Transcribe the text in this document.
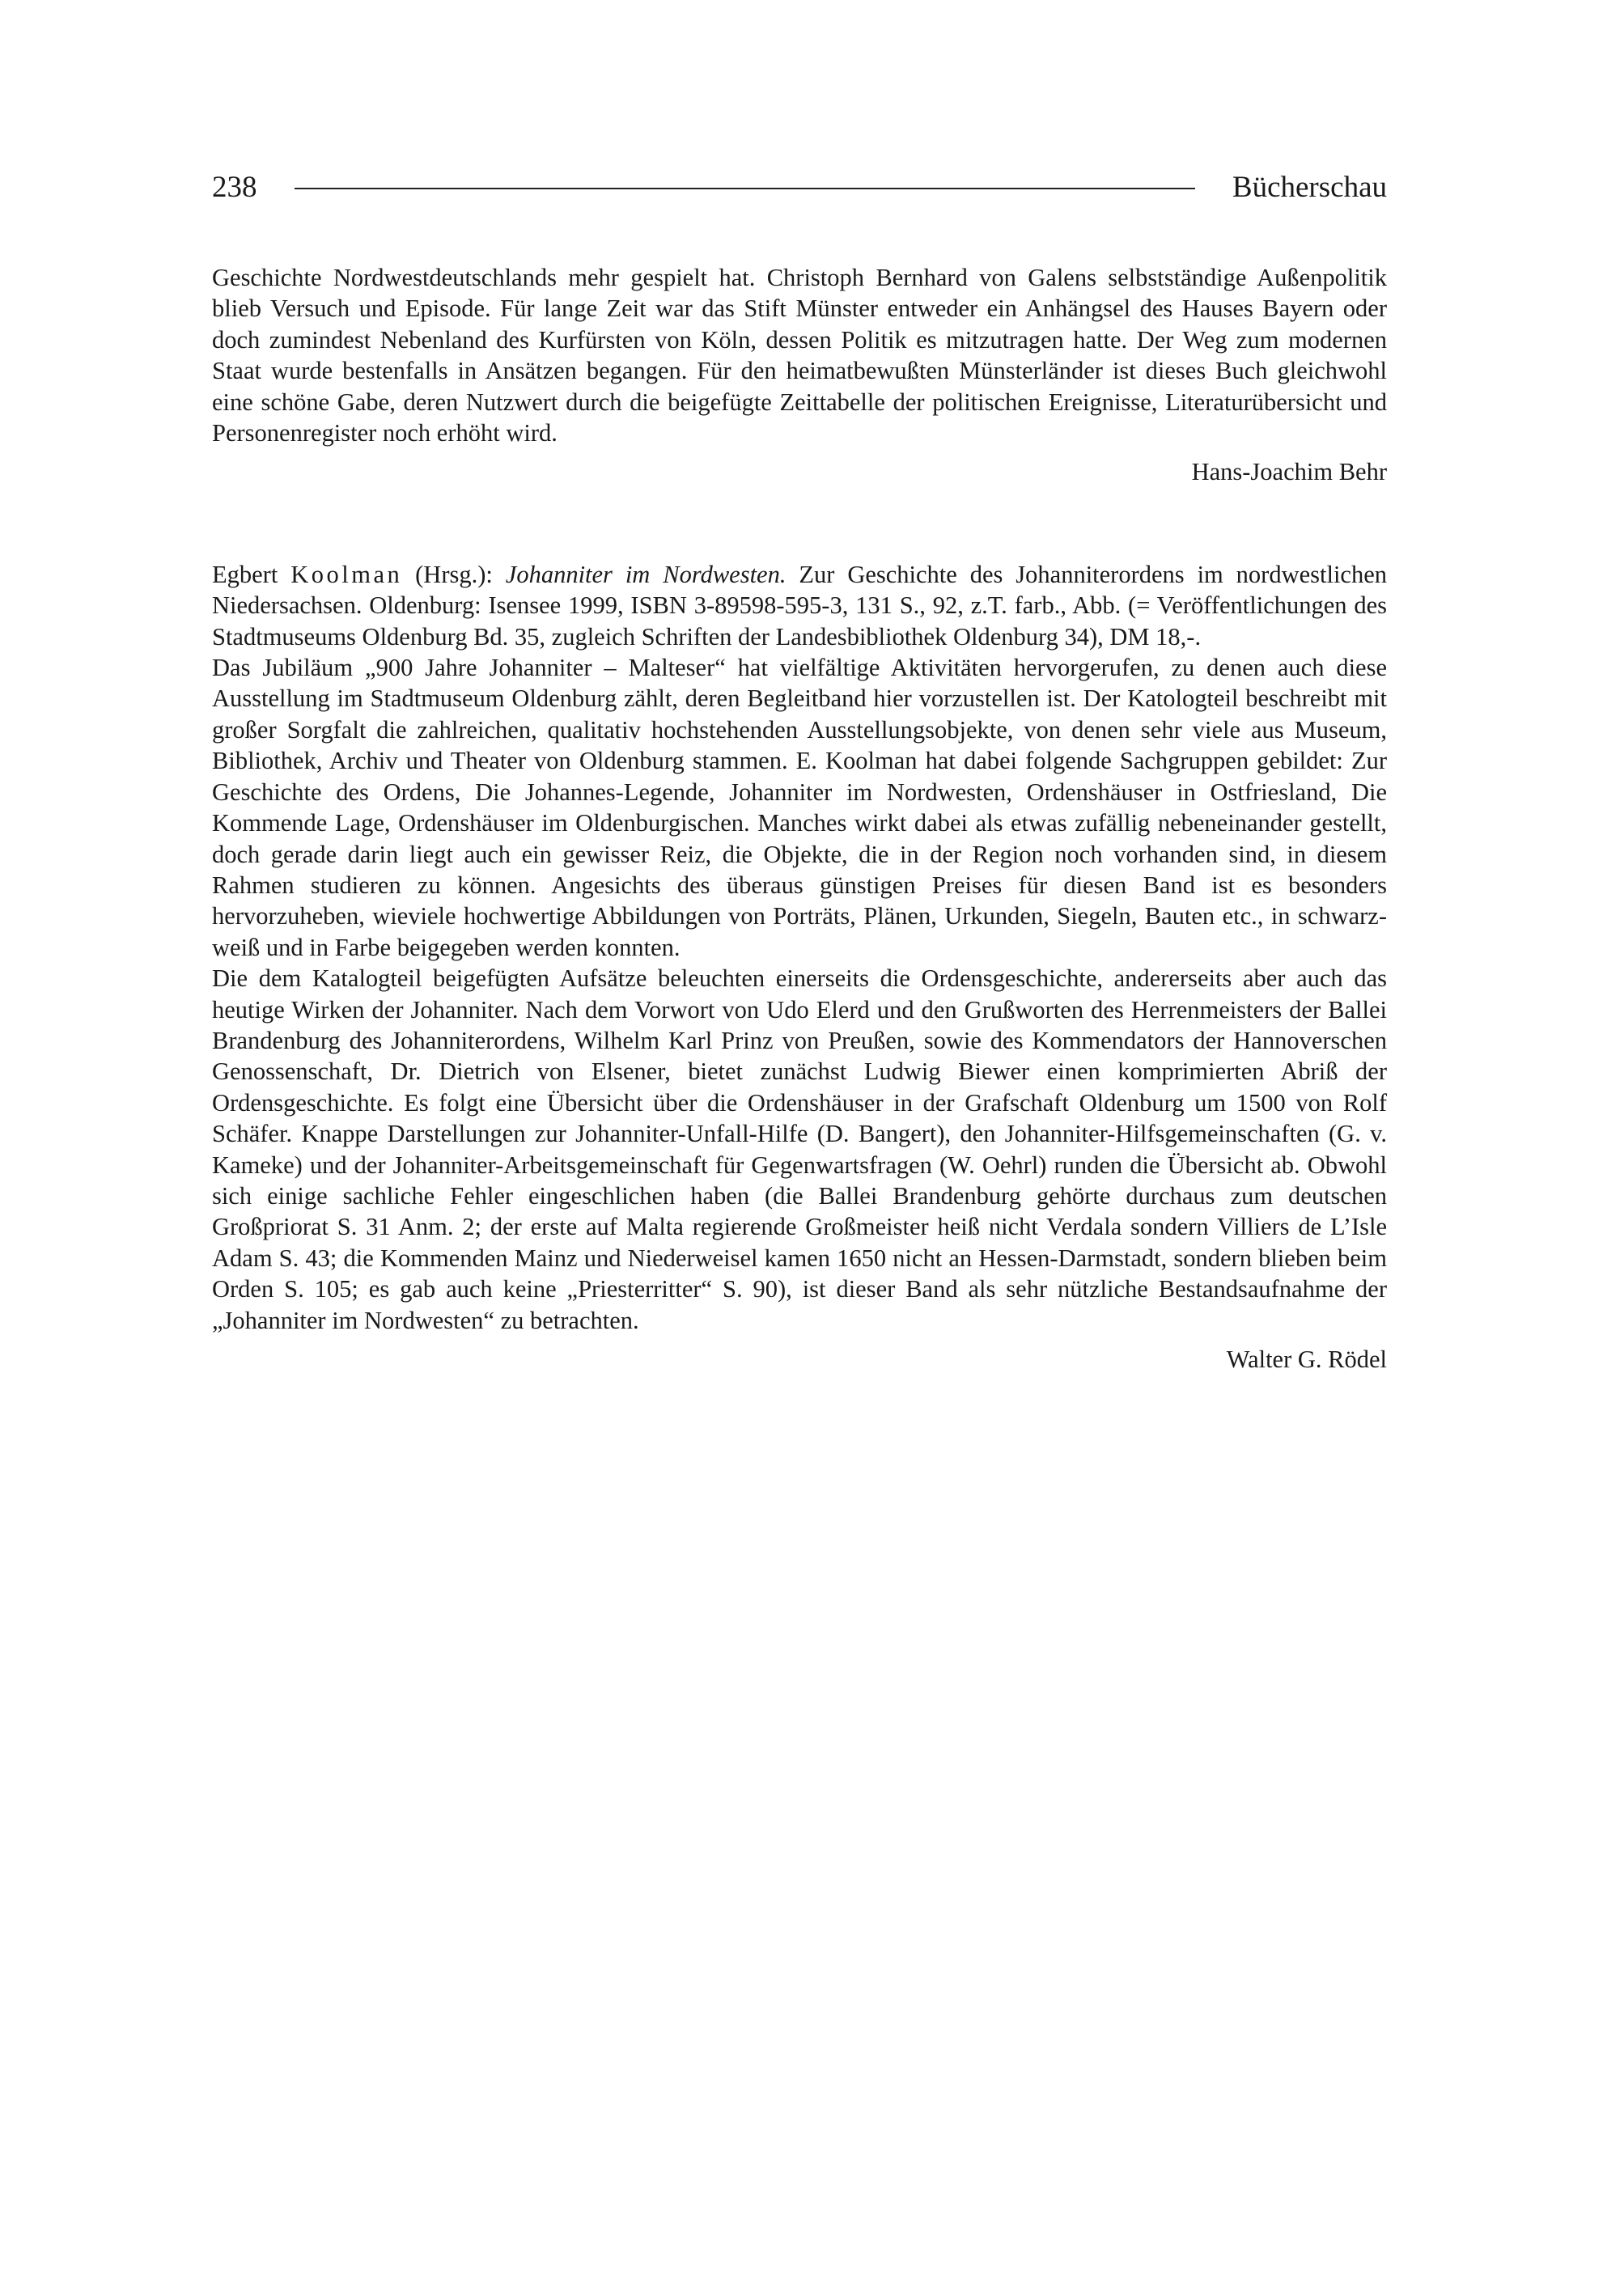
238	Bücherschau

Geschichte Nordwestdeutschlands mehr gespielt hat. Christoph Bernhard von Galens selbstständige Außenpolitik blieb Versuch und Episode. Für lange Zeit war das Stift Münster entweder ein Anhängsel des Hauses Bayern oder doch zumindest Nebenland des Kurfürsten von Köln, dessen Politik es mitzutragen hatte. Der Weg zum modernen Staat wurde bestenfalls in Ansätzen begangen. Für den heimatbewußten Münsterländer ist dieses Buch gleichwohl eine schöne Gabe, deren Nutzwert durch die beigefügte Zeittabelle der politischen Ereignisse, Literaturübersicht und Personenregister noch erhöht wird.

Hans-Joachim Behr

Egbert Koolman (Hrsg.): Johanniter im Nordwesten. Zur Geschichte des Johanniterordens im nordwestlichen Niedersachsen. Oldenburg: Isensee 1999, ISBN 3-89598-595-3, 131 S., 92, z.T. farb., Abb. (= Veröffentlichungen des Stadtmuseums Oldenburg Bd. 35, zugleich Schriften der Landesbibliothek Oldenburg 34), DM 18,-.

Das Jubiläum „900 Jahre Johanniter – Malteser“ hat vielfältige Aktivitäten hervorgerufen, zu denen auch diese Ausstellung im Stadtmuseum Oldenburg zählt, deren Begleitband hier vorzustellen ist. Der Katologteil beschreibt mit großer Sorgfalt die zahlreichen, qualitativ hochstehenden Ausstellungsobjekte, von denen sehr viele aus Museum, Bibliothek, Archiv und Theater von Oldenburg stammen. E. Koolman hat dabei folgende Sachgruppen gebildet: Zur Geschichte des Ordens, Die Johannes-Legende, Johanniter im Nordwesten, Ordenshäuser in Ostfriesland, Die Kommende Lage, Ordenshäuser im Oldenburgischen. Manches wirkt dabei als etwas zufällig nebeneinander gestellt, doch gerade darin liegt auch ein gewisser Reiz, die Objekte, die in der Region noch vorhanden sind, in diesem Rahmen studieren zu können. Angesichts des überaus günstigen Preises für diesen Band ist es besonders hervorzuheben, wieviele hochwertige Abbildungen von Porträts, Plänen, Urkunden, Siegeln, Bauten etc., in schwarz-weiß und in Farbe beigegeben werden konnten.

Die dem Katalogteil beigefügten Aufsätze beleuchten einerseits die Ordensgeschichte, andererseits aber auch das heutige Wirken der Johanniter. Nach dem Vorwort von Udo Elerd und den Grußworten des Herrenmeisters der Ballei Brandenburg des Johanniterordens, Wilhelm Karl Prinz von Preußen, sowie des Kommendators der Hannoverschen Genossenschaft, Dr. Dietrich von Elsener, bietet zunächst Ludwig Biewer einen komprimierten Abriß der Ordensgeschichte. Es folgt eine Übersicht über die Ordenshäuser in der Grafschaft Oldenburg um 1500 von Rolf Schäfer. Knappe Darstellungen zur Johanniter-Unfall-Hilfe (D. Bangert), den Johanniter-Hilfsgemeinschaften (G. v. Kameke) und der Johanniter-Arbeitsgemeinschaft für Gegenwartsfragen (W. Oehrl) runden die Übersicht ab. Obwohl sich einige sachliche Fehler eingeschlichen haben (die Ballei Brandenburg gehörte durchaus zum deutschen Großpriorat S. 31 Anm. 2; der erste auf Malta regierende Großmeister heiß nicht Verdala sondern Villiers de L’Isle Adam S. 43; die Kommenden Mainz und Niederweisel kamen 1650 nicht an Hessen-Darmstadt, sondern blieben beim Orden S. 105; es gab auch keine „Priesterritter“ S. 90), ist dieser Band als sehr nützliche Bestandsaufnahme der „Johanniter im Nordwesten“ zu betrachten.

Walter G. Rödel
